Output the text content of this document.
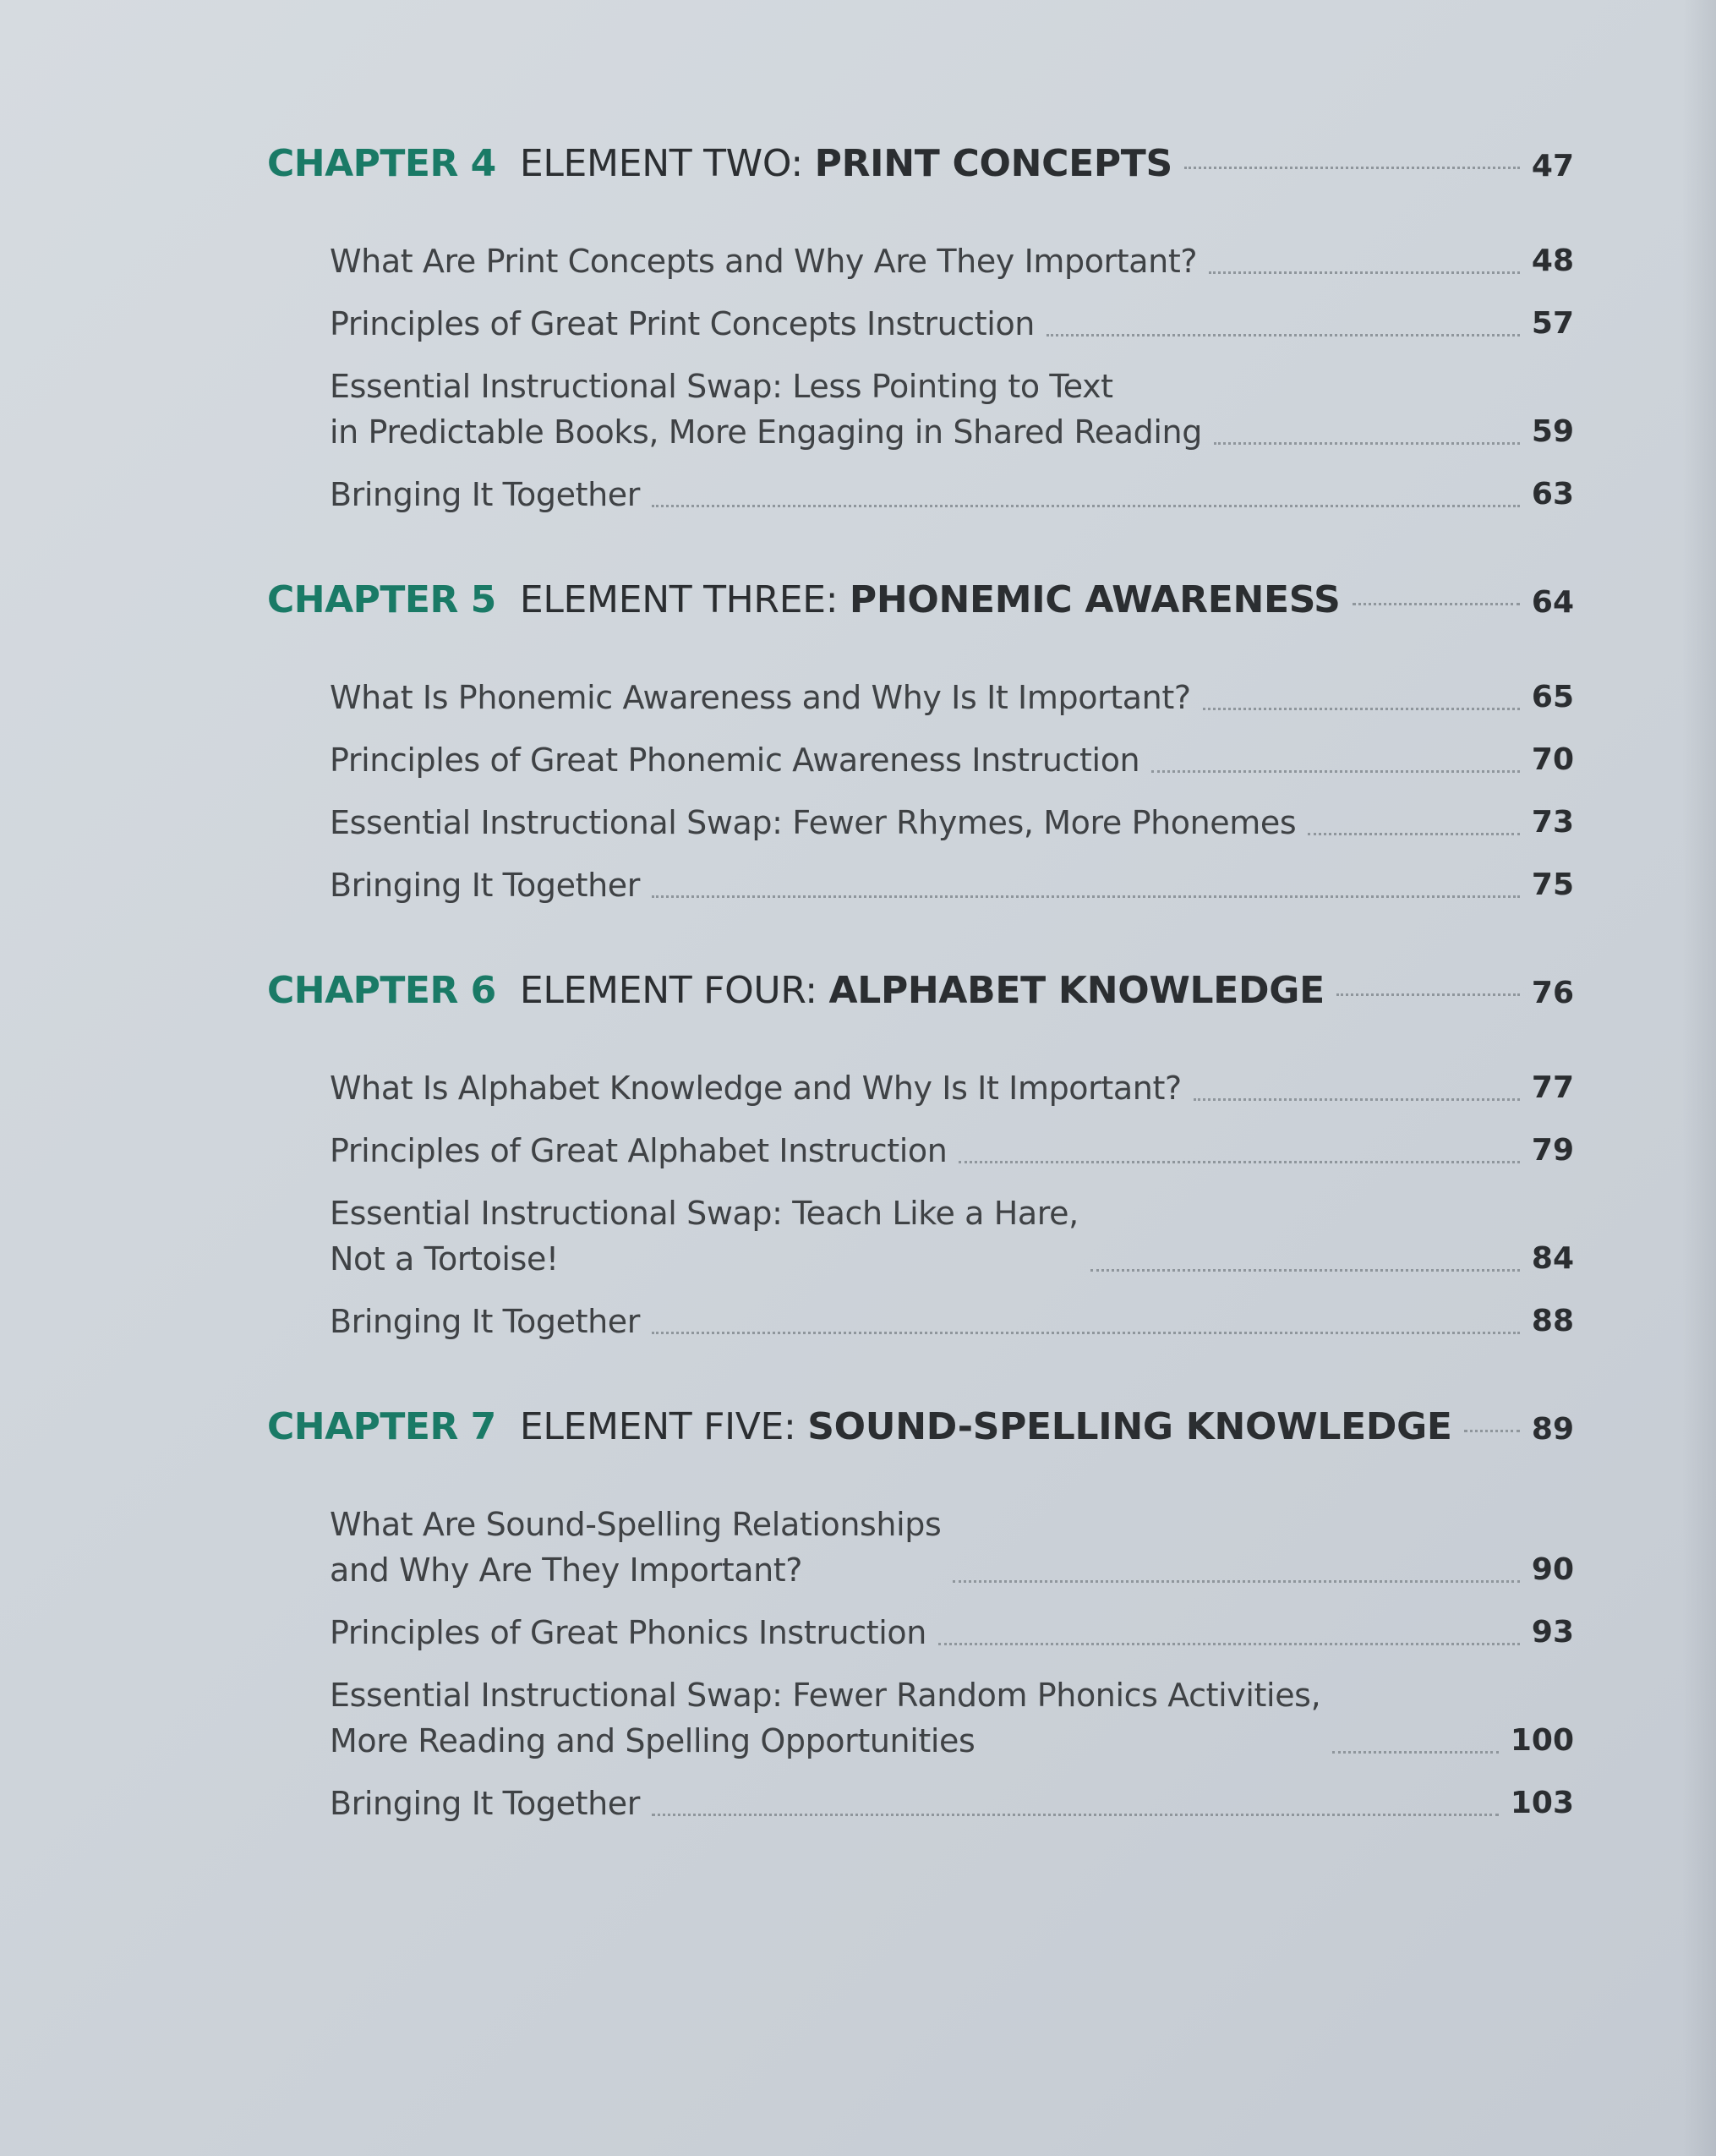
CHAPTER 4 ELEMENT TWO: PRINT CONCEPTS	47
What Are Print Concepts and Why Are They Important?	48
Principles of Great Print Concepts Instruction	57
Essential Instructional Swap: Less Pointing to Text
in Predictable Books, More Engaging in Shared Reading	59
Bringing It Together	63
CHAPTER 5 ELEMENT THREE: PHONEMIC AWARENESS	64
What Is Phonemic Awareness and Why Is It Important?	65
Principles of Great Phonemic Awareness Instruction	70
Essential Instructional Swap: Fewer Rhymes, More Phonemes	73
Bringing It Together	75
CHAPTER 6 ELEMENT FOUR: ALPHABET KNOWLEDGE	76
What Is Alphabet Knowledge and Why Is It Important?	77
Principles of Great Alphabet Instruction	79
Essential Instructional Swap: Teach Like a Hare,
Not a Tortoise!	84
Bringing It Together	88
CHAPTER 7 ELEMENT FIVE: SOUND-SPELLING KNOWLEDGE	89
What Are Sound-Spelling Relationships
and Why Are They Important?	90
Principles of Great Phonics Instruction	93
Essential Instructional Swap: Fewer Random Phonics Activities,
More Reading and Spelling Opportunities	100
Bringing It Together	103
